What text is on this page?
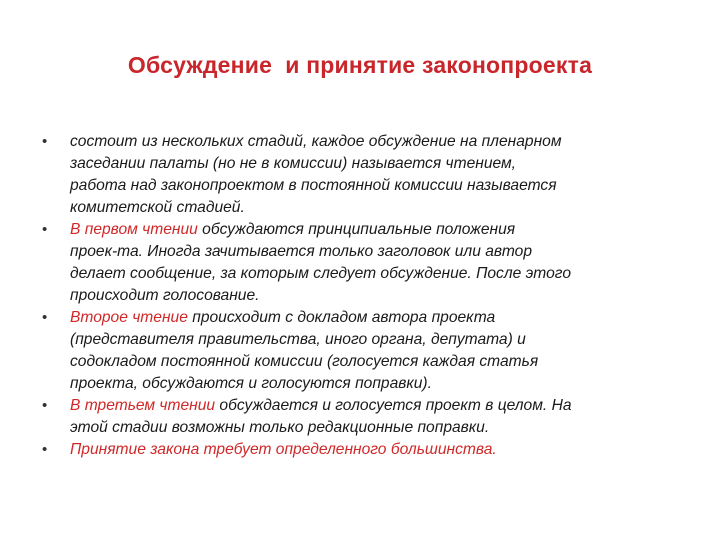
Обсуждение  и принятие законопроекта
• состоит из нескольких стадий, каждое обсуждение на пленарном
заседании палаты (но не в комиссии) называется чтением,
работа над законопроектом в постоянной комиссии называется
комитетской стадией.
• В первом чтении обсуждаются принципиальные положения
проек-та. Иногда зачитывается только заголовок или автор
делает сообщение, за которым следует обсуждение. После этого
происходит голосование.
• Второе чтение происходит с докладом автора проекта
(представителя правительства, иного органа, депутата) и
содокладом постоянной комиссии (голосуется каждая статья
проекта, обсуждаются и голосуются поправки).
• В третьем чтении обсуждается и голосуется проект в целом. На
этой стадии возможны только редакционные поправки.
• Принятие закона требует определенного большинства.
